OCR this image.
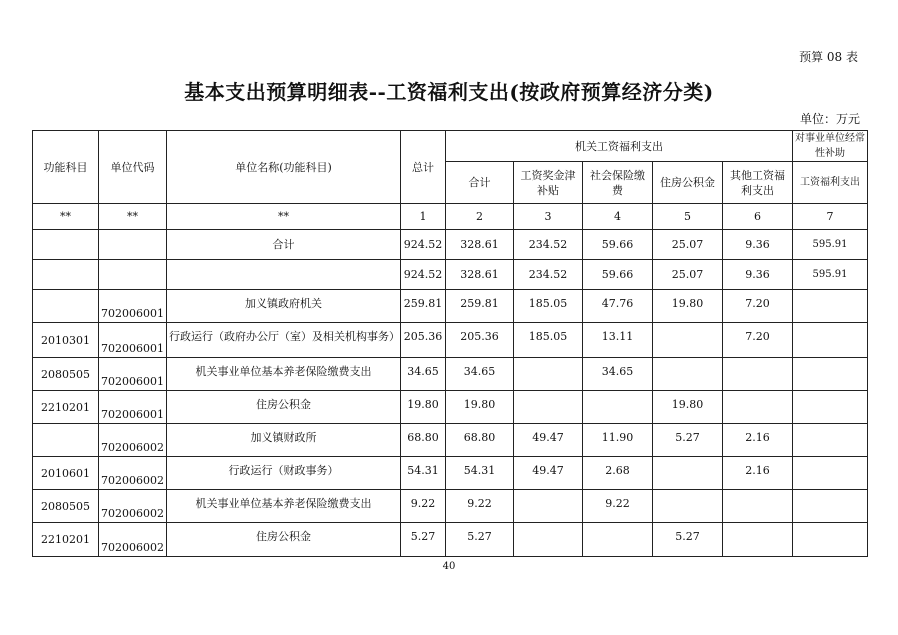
预算 08 表
基本支出预算明细表--工资福利支出(按政府预算经济分类)
单位：万元
功能科目	单位代码	单位名称(功能科目)	总计	机关工资福利支出					对事业单位经常性补助
				合计	工资奖金津补贴	社会保险缴费	住房公积金	其他工资福利支出	工资福利支出
**	**	**	1	2	3	4	5	6	7
		合计	924.52	328.61	234.52	59.66	25.07	9.36	595.91
			924.52	328.61	234.52	59.66	25.07	9.36	595.91
	702006001	加义镇政府机关	259.81	259.81	185.05	47.76	19.80	7.20	
2010301	702006001	行政运行（政府办公厅（室）及相关机构事务）	205.36	205.36	185.05	13.11		7.20	
2080505	702006001	机关事业单位基本养老保险缴费支出	34.65	34.65		34.65			
2210201	702006001	住房公积金	19.80	19.80			19.80		
	702006002	加义镇财政所	68.80	68.80	49.47	11.90	5.27	2.16	
2010601	702006002	行政运行（财政事务）	54.31	54.31	49.47	2.68		2.16	
2080505	702006002	机关事业单位基本养老保险缴费支出	9.22	9.22		9.22			
2210201	702006002	住房公积金	5.27	5.27			5.27		
40
